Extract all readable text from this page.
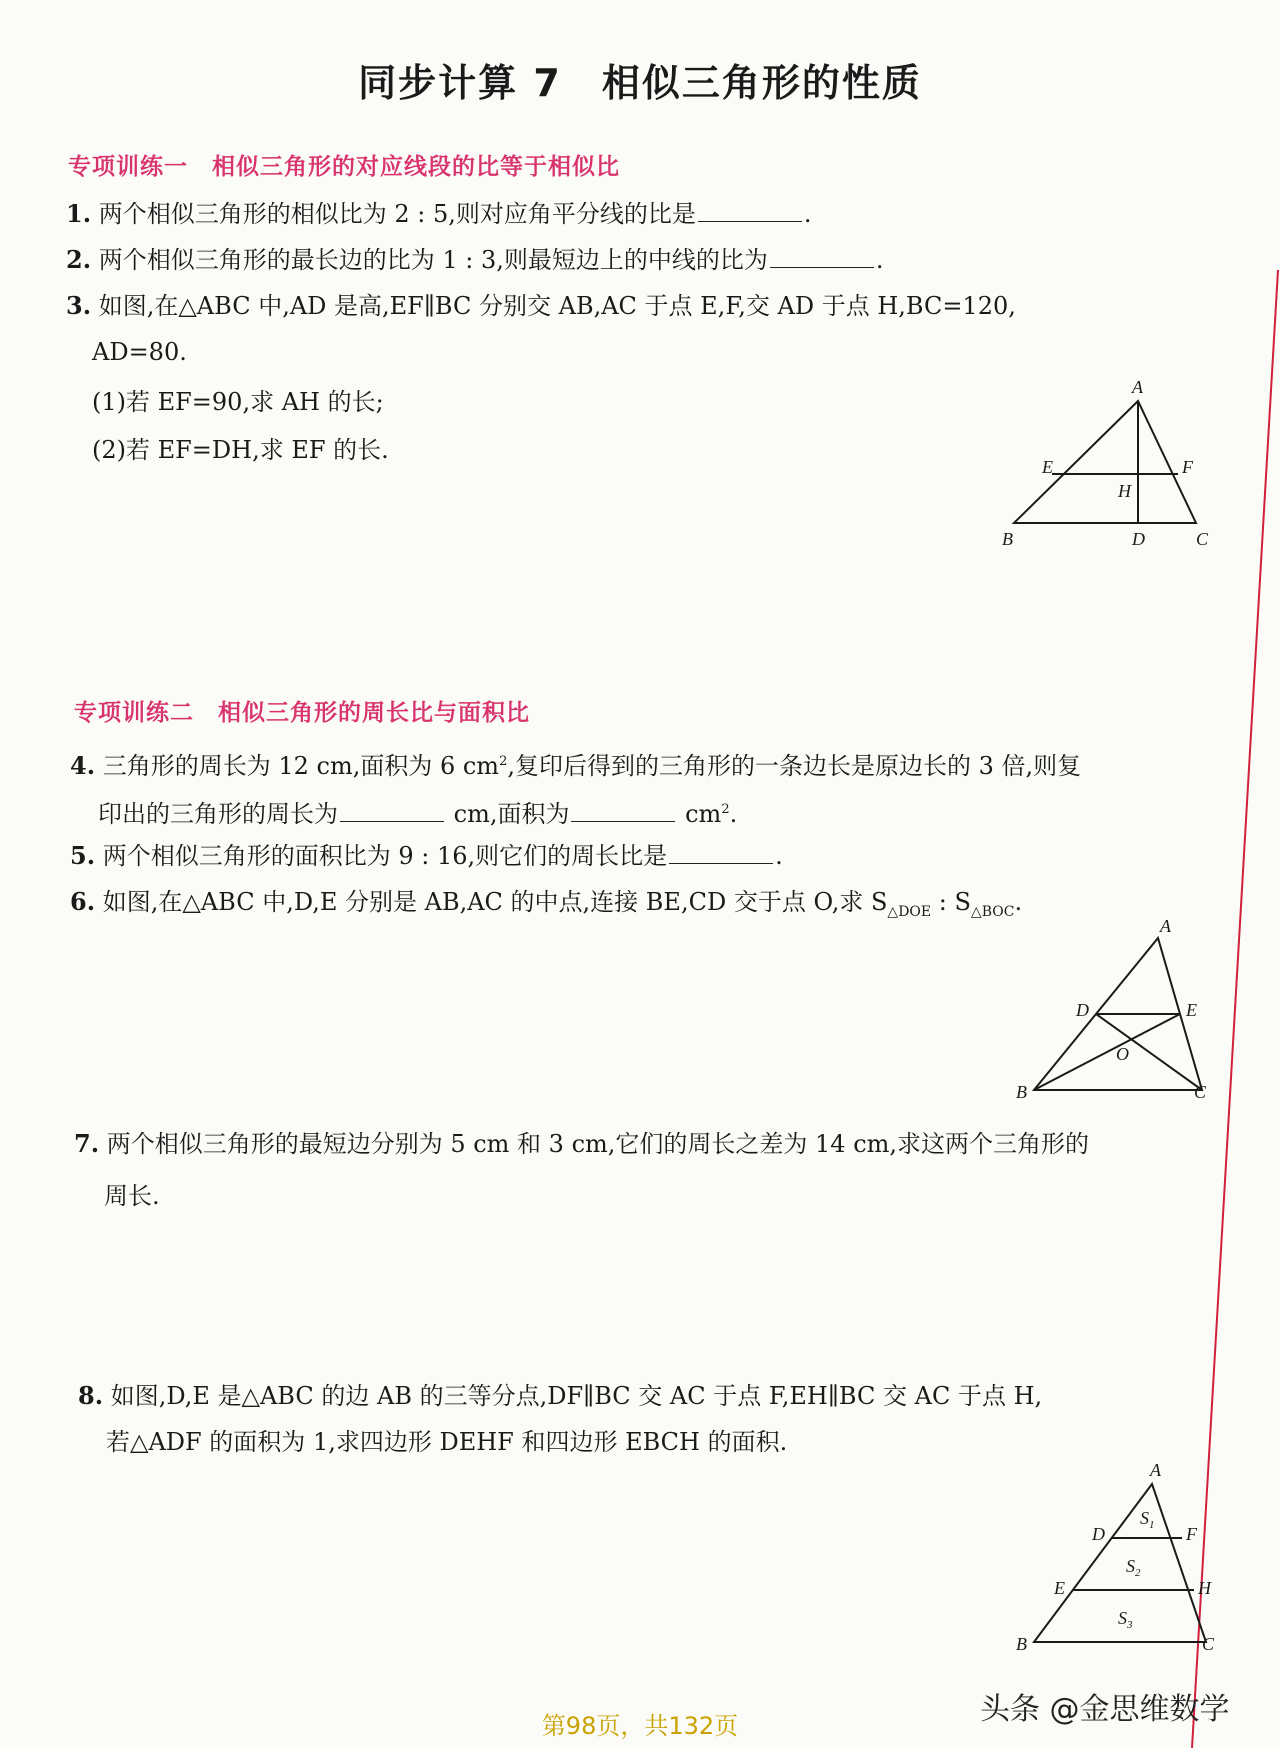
同步计算 7　相似三角形的性质
专项训练一　相似三角形的对应线段的比等于相似比
1. 两个相似三角形的相似比为 2 : 5,则对应角平分线的比是	.
2. 两个相似三角形的最长边的比为 1 : 3,则最短边上的中线的比为	.
3. 如图,在△ABC 中,AD 是高,EF∥BC 分别交 AB,AC 于点 E,F,交 AD 于点 H,BC=120,
AD=80.
(1)若 EF=90,求 AH 的长;
(2)若 EF=DH,求 EF 的长.
A
B	C
D
E	F
H
专项训练二　相似三角形的周长比与面积比
4. 三角形的周长为 12 cm,面积为 6 $cm^2$,复印后得到的三角形的一条边长是原边长的 3 倍,则复
印出的三角形的周长为	cm,面积为	$cm^2$.
5. 两个相似三角形的面积比为 9 : 16,则它们的周长比是	.
6. 如图,在△ABC 中,D,E 分别是 AB,AC 的中点,连接 BE,CD 交于点 O,求 $S_{\triangle DOE}$ : $S_{\triangle BOC}$.
A
B	C
D	E
O
7. 两个相似三角形的最短边分别为 5 cm 和 3 cm,它们的周长之差为 14 cm,求这两个三角形的
周长.
8. 如图,D,E 是△ABC 的边 AB 的三等分点,DF∥BC 交 AC 于点 F,EH∥BC 交 AC 于点 H,
若△ADF 的面积为 1,求四边形 DEHF 和四边形 EBCH 的面积.
A
B	C
D	F
E	H
$S_1$
$S_2$
$S_3$
头条 @金思维数学
第98页，共132页
